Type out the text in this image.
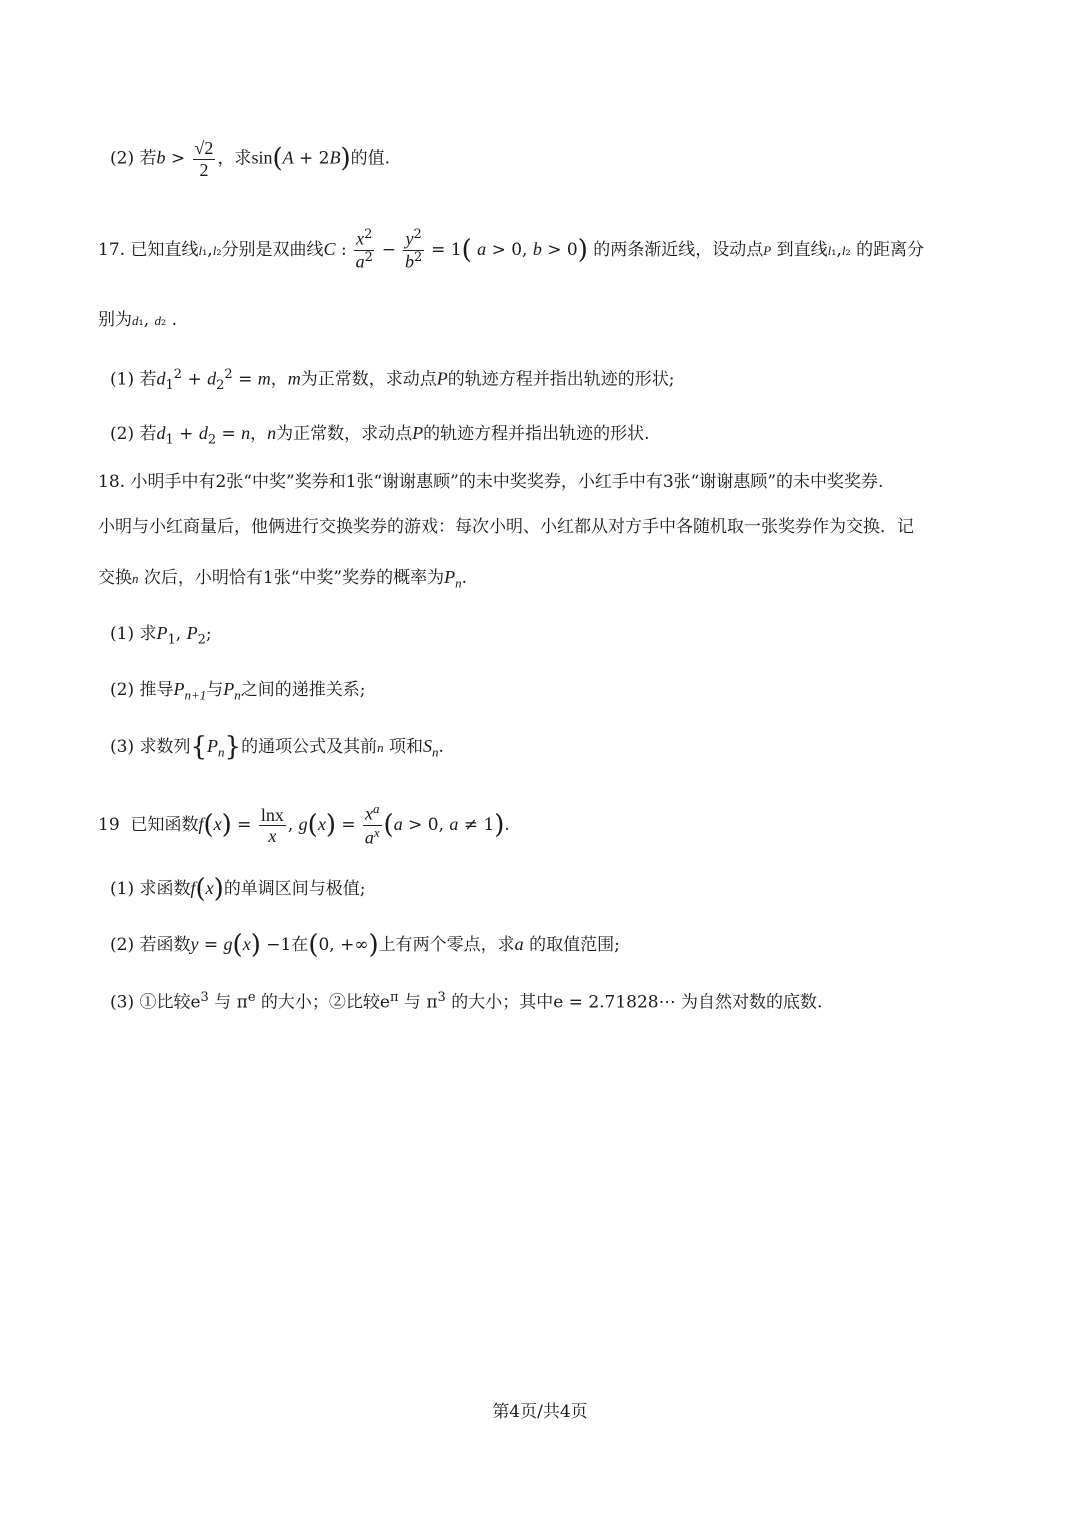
(2) 若$b > \frac{√2}{2}$ ，求sin(A + 2B)的值.
17. 已知直线l₁,l₂分别是双曲线C : $\frac{x^2}{a^2} - \frac{y^2}{b^2} = 1$( a > 0, b > 0) 的两条渐近线，设动点P 到直线l₁,l₂ 的距离分
别为d₁, d₂ .
(1) 若$d_1^2 + d_2^2 = m$，m为正常数，求动点P的轨迹方程并指出轨迹的形状;
(2) 若$d_1 + d_2 = n$，n为正常数，求动点P的轨迹方程并指出轨迹的形状.
18. 小明手中有2张“中奖”奖券和1张“谢谢惠顾”的未中奖奖券，小红手中有3张“谢谢惠顾”的未中奖奖券.
小明与小红商量后，他俩进行交换奖券的游戏：每次小明、小红都从对方手中各随机取一张奖券作为交换．记
交换n 次后，小明恰有1张“中奖”奖券的概率为$P_n$.
(1) 求$P_1$, $P_2$;
(2) 推导$P_{n+1}$与$P_n$之间的递推关系;
(3) 求数列$\{P_n\}$的通项公式及其前n 项和$S_n$.
19  已知函数$f(x) = \frac{\ln x}{x}$ , $g(x) = \frac{x^a}{a^x} (a > 0$, a ≠ 1).
(1) 求函数f(x)的单调区间与极值;
(2) 若函数y = g(x) −1在(0, +∞)上有两个零点，求a 的取值范围;
(3) ①比较$e^3$ 与 $\pi^e$ 的大小；②比较$e^\pi$ 与 $\pi^3$ 的大小；其中e = 2.71828⋯ 为自然对数的底数.
第4页/共4页
